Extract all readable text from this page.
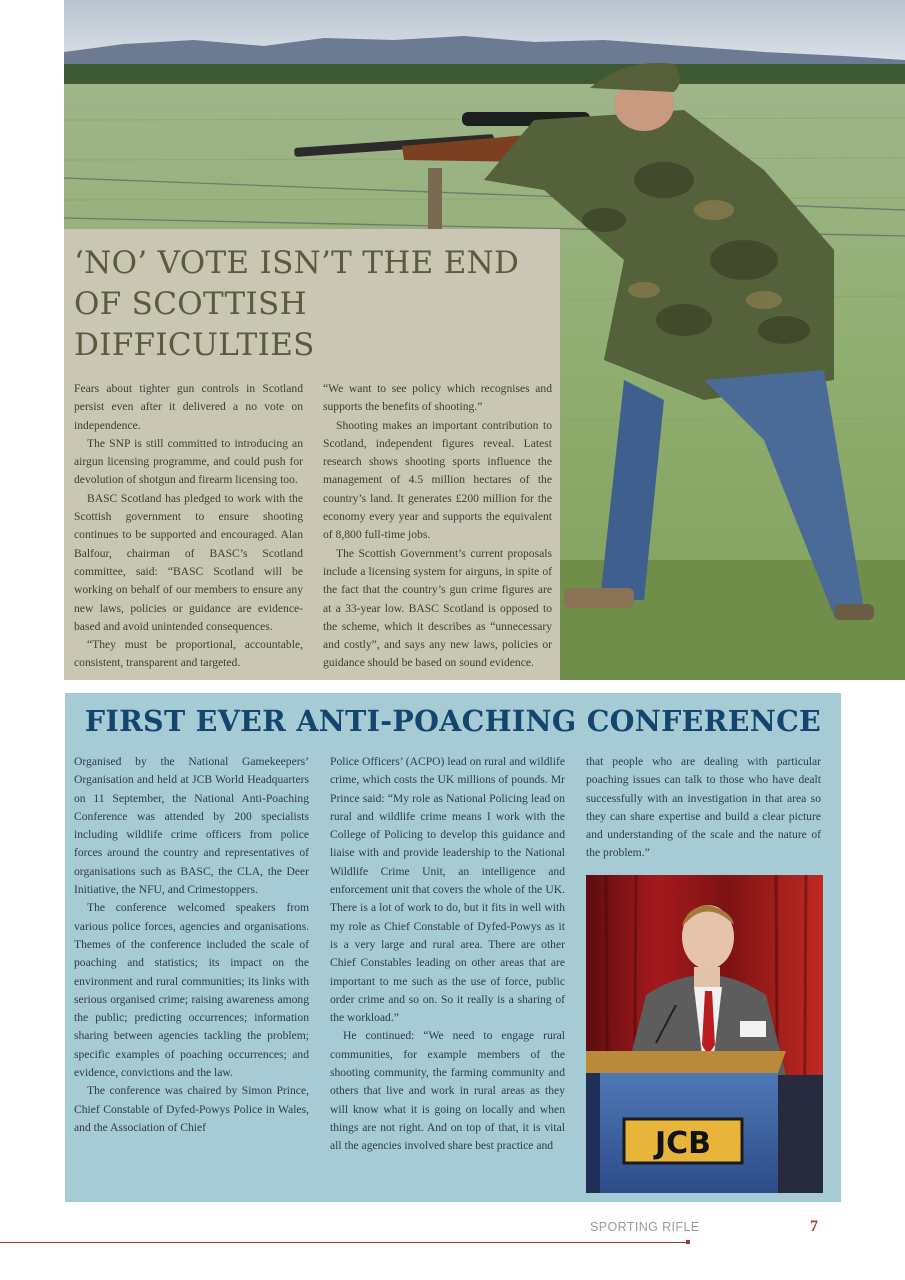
‘NO’ VOTE ISN’T THE END OF SCOTTISH DIFFICULTIES

Fears about tighter gun controls in Scotland persist even after it delivered a no vote on independence.

The SNP is still committed to introducing an airgun licensing programme, and could push for devolution of shotgun and firearm licensing too.

BASC Scotland has pledged to work with the Scottish government to ensure shooting continues to be supported and encouraged. Alan Balfour, chairman of BASC’s Scotland committee, said: “BASC Scotland will be working on behalf of our members to ensure any new laws, policies or guidance are evidence-based and avoid unintended consequences.

“They must be proportional, accountable, consistent, transparent and targeted.

“We want to see policy which recognises and supports the benefits of shooting.”

Shooting makes an important contribution to Scotland, independent figures reveal. Latest research shows shooting sports influence the management of 4.5 million hectares of the country’s land. It generates £200 million for the economy every year and supports the equivalent of 8,800 full-time jobs.

The Scottish Government’s current proposals include a licensing system for airguns, in spite of the fact that the country’s gun crime figures are at a 33-year low. BASC Scotland is opposed to the scheme, which it describes as “unnecessary and costly”, and says any new laws, policies or guidance should be based on sound evidence.

FIRST EVER ANTI-POACHING CONFERENCE

Organised by the National Gamekeepers’ Organisation and held at JCB World Headquarters on 11 September, the National Anti-Poaching Conference was attended by 200 specialists including wildlife crime officers from police forces around the country and representatives of organisations such as BASC, the CLA, the Deer Initiative, the NFU, and Crimestoppers.

The conference welcomed speakers from various police forces, agencies and organisations. Themes of the conference included the scale of poaching and statistics; its impact on the environment and rural communities; its links with serious organised crime; raising awareness among the public; predicting occurrences; information sharing between agencies tackling the problem; specific examples of poaching occurrences; and evidence, convictions and the law.

The conference was chaired by Simon Prince, Chief Constable of Dyfed-Powys Police in Wales, and the Association of Chief

Police Officers’ (ACPO) lead on rural and wildlife crime, which costs the UK millions of pounds. Mr Prince said: “My role as National Policing lead on rural and wildlife crime means I work with the College of Policing to develop this guidance and liaise with and provide leadership to the National Wildlife Crime Unit, an intelligence and enforcement unit that covers the whole of the UK. There is a lot of work to do, but it fits in well with my role as Chief Constable of Dyfed-Powys as it is a very large and rural area. There are other Chief Constables leading on other areas that are important to me such as the use of force, public order crime and so on. So it really is a sharing of the workload.”

He continued: “We need to engage rural communities, for example members of the shooting community, the farming community and others that live and work in rural areas as they will know what it is going on locally and when things are not right. And on top of that, it is vital all the agencies involved share best practice and

that people who are dealing with particular poaching issues can talk to those who have dealt successfully with an investigation in that area so they can share expertise and build a clear picture and understanding of the scale and the nature of the problem.”

JCB
SPORTING RIFLE	7
